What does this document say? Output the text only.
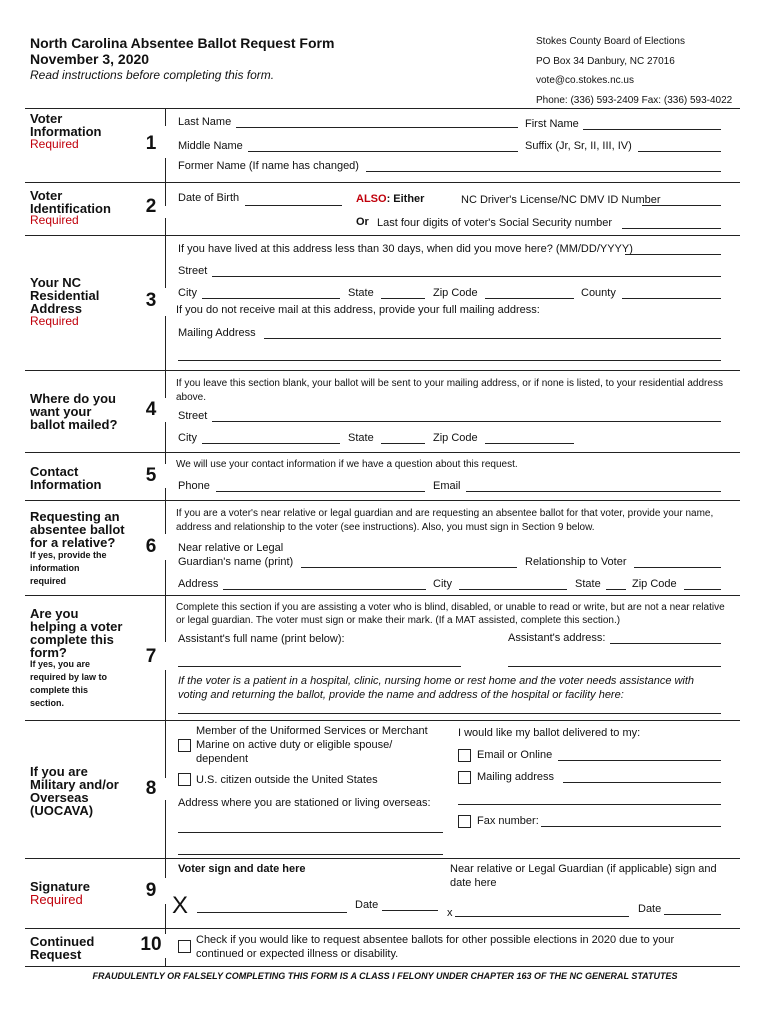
North Carolina Absentee Ballot Request Form
November 3, 2020
Read instructions before completing this form.
Stokes County Board of Elections
PO Box 34 Danbury, NC 27016
vote@co.stokes.nc.us
Phone: (336) 593-2409 Fax: (336) 593-4022
Voter
Information
Required	1
Last Name	First Name
Middle Name	Suffix (Jr, Sr, II, III, IV)
Former Name (If name has changed)
Voter
Identification
Required
2	Date of Birth	ALSO: Either	NC Driver's License/NC DMV ID Number
Or Last four digits of voter's Social Security number
Your NC
Residential
Address
Required
3
If you have lived at this address less than 30 days, when did you move here? (MM/DD/YYYY)
Street
City	State	Zip Code	County
If you do not receive mail at this address, provide your full mailing address:
Mailing Address
Where do you
want your
ballot mailed?
4
If you leave this section blank, your ballot will be sent to your mailing address, or if none is listed, to your residential address above.
Street
City	State	Zip Code
Contact
Information	5
We will use your contact information if we have a question about this request.
Phone	Email
Requesting an
absentee ballot
for a relative?
If yes, provide the
information
required
6
If you are a voter's near relative or legal guardian and are requesting an absentee ballot for that voter, provide your name, address and relationship to the voter (see instructions). Also, you must sign in Section 9 below.
Near relative or Legal
Guardian's name (print)	Relationship to Voter
Address	City	State	Zip Code
Are you
helping a voter
complete this
form?
If yes, you are
required by law to
complete this
section.
7
Complete this section if you are assisting a voter who is blind, disabled, or unable to read or write, but are not a near relative or legal guardian. The voter must sign or make their mark. (If a MAT assisted, complete this section.)
Assistant's full name (print below):	Assistant's address:
If the voter is a patient in a hospital, clinic, nursing home or rest home and the voter needs assistance with voting and returning the ballot, provide the name and address of the hospital or facility here:
If you are
Military and/or
Overseas
(UOCAVA)
8
Member of the Uniformed Services or Merchant
Marine on active duty or eligible spouse/
dependent
U.S. citizen outside the United States
Address where you are stationed or living overseas:
I would like my ballot delivered to my:
Email or Online
Mailing address
Fax number:
Signature
Required	9
Voter sign and date here
X	Date
Near relative or Legal Guardian (if applicable) sign and
date here
x	Date
Continued
Request	10	Check if you would like to request absentee ballots for other possible elections in 2020 due to your
continued or expected illness or disability.
FRAUDULENTLY OR FALSELY COMPLETING THIS FORM IS A CLASS I FELONY UNDER CHAPTER 163 OF THE NC GENERAL STATUTES
